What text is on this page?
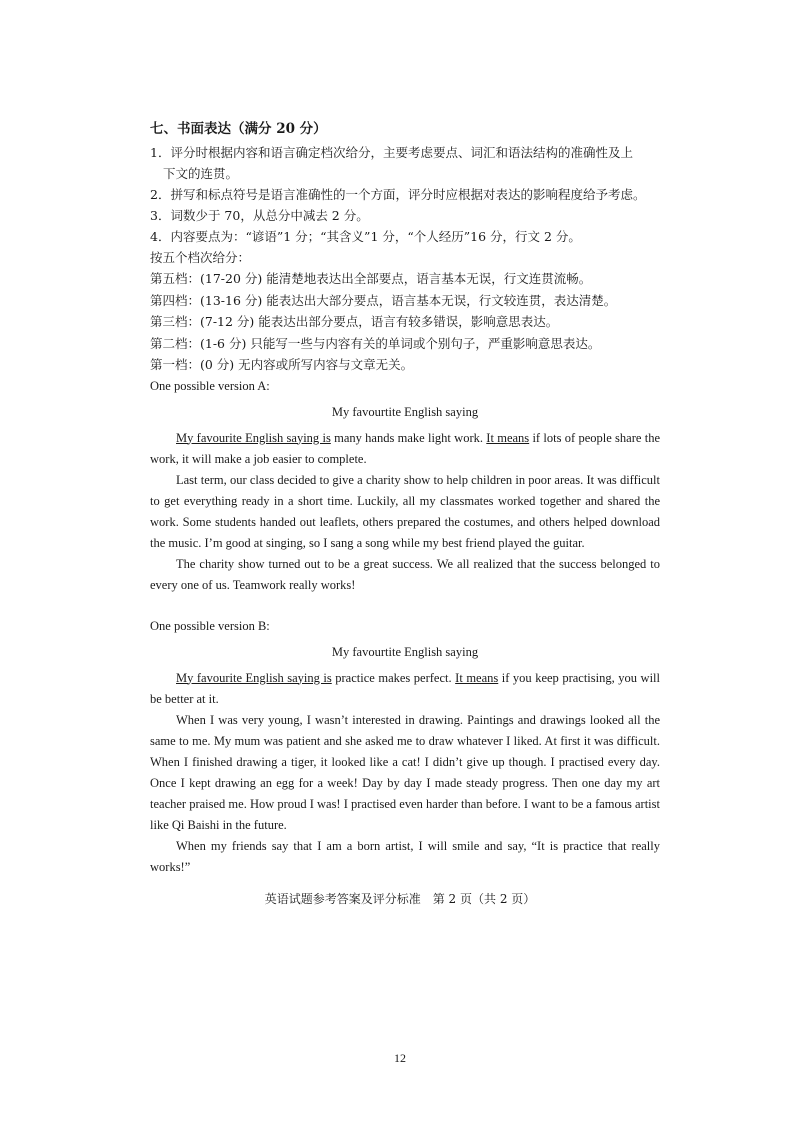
七、书面表达（满分 20 分）

1．评分时根据内容和语言确定档次给分，主要考虑要点、词汇和语法结构的准确性及上

下文的连贯。

2．拼写和标点符号是语言准确性的一个方面，评分时应根据对表达的影响程度给予考虑。

3．词数少于 70，从总分中减去 2 分。

4．内容要点为：“谚语”1 分；“其含义”1 分，“个人经历”16 分，行文 2 分。

按五个档次给分：

第五档：(17-20 分) 能清楚地表达出全部要点，语言基本无误，行文连贯流畅。

第四档：(13-16 分) 能表达出大部分要点，语言基本无误，行文较连贯，表达清楚。

第三档：(7-12 分) 能表达出部分要点，语言有较多错误，影响意思表达。

第二档：(1-6 分) 只能写一些与内容有关的单词或个别句子，严重影响意思表达。

第一档：(0 分) 无内容或所写内容与文章无关。

One possible version A:

My favourtite English saying

My favourite English saying is many hands make light work. It means if lots of people share the work, it will make a job easier to complete.

Last term, our class decided to give a charity show to help children in poor areas. It was difficult to get everything ready in a short time. Luckily, all my classmates worked together and shared the work. Some students handed out leaflets, others prepared the costumes, and others helped download the music. I’m good at singing, so I sang a song while my best friend played the guitar.

The charity show turned out to be a great success. We all realized that the success belonged to every one of us. Teamwork really works!

One possible version B:

My favourtite English saying

My favourite English saying is practice makes perfect. It means if you keep practising, you will be better at it.

When I was very young, I wasn’t interested in drawing. Paintings and drawings looked all the same to me. My mum was patient and she asked me to draw whatever I liked. At first it was difficult. When I finished drawing a tiger, it looked like a cat! I didn’t give up though. I practised every day. Once I kept drawing an egg for a week! Day by day I made steady progress. Then one day my art teacher praised me. How proud I was! I practised even harder than before. I want to be a famous artist like Qi Baishi in the future.

When my friends say that I am a born artist, I will smile and say, “It is practice that really works!”

英语试题参考答案及评分标准　第 2 页（共 2 页）
12
